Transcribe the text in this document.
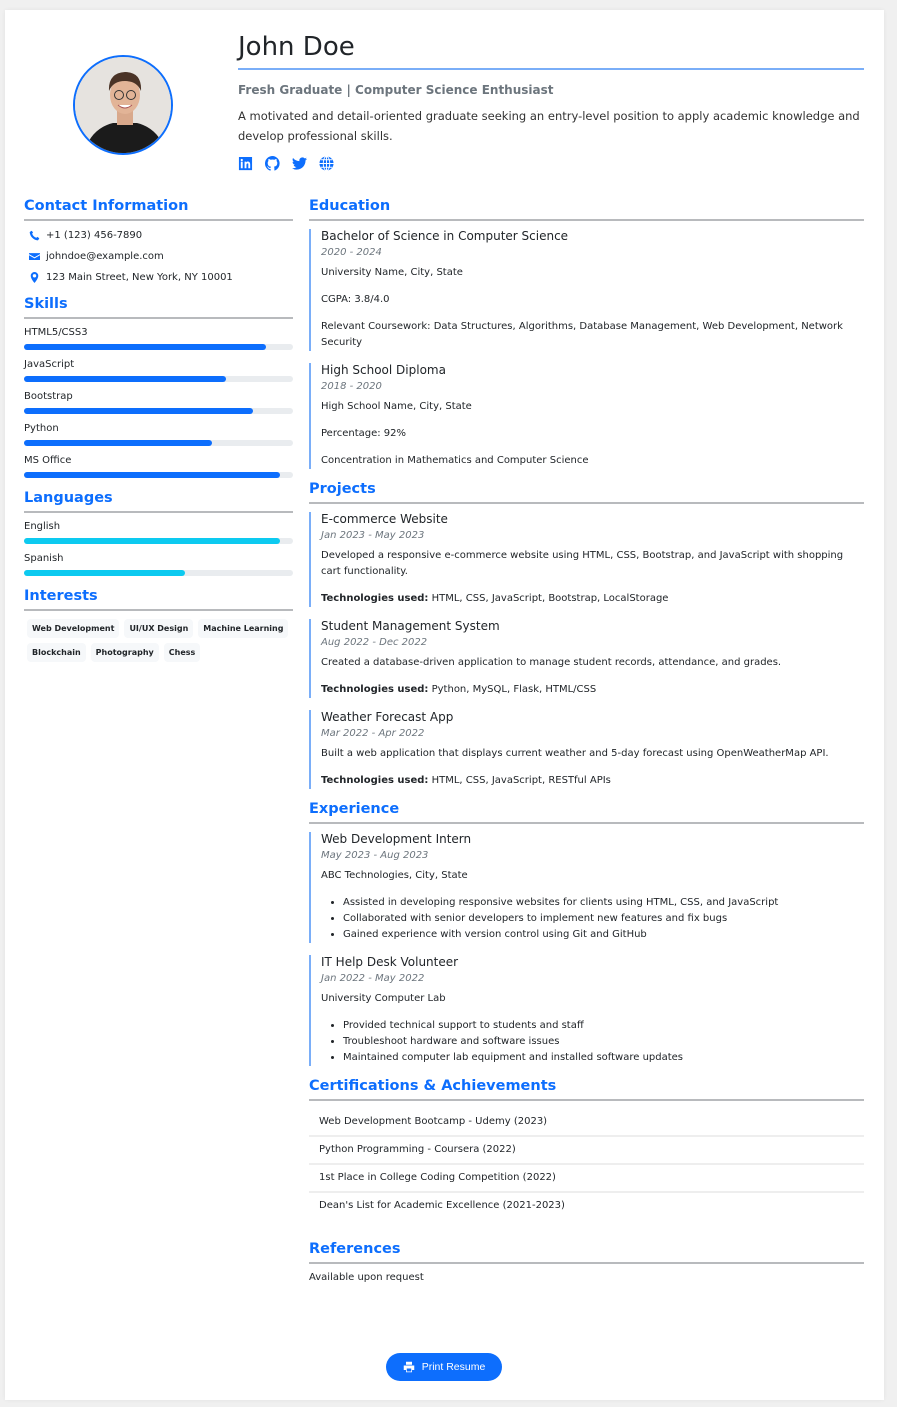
John Doe
Fresh Graduate | Computer Science Enthusiast
A motivated and detail-oriented graduate seeking an entry-level position to apply academic knowledge and develop professional skills.
Contact Information
+1 (123) 456-7890
johndoe@example.com
123 Main Street, New York, NY 10001
Skills
HTML5/CSS3
JavaScript
Bootstrap
Python
MS Office
Languages
English
Spanish
Interests
Web Development	UI/UX Design	Machine Learning
Blockchain	Photography	Chess
Education
Bachelor of Science in Computer Science
2020 - 2024

University Name, City, State

CGPA: 3.8/4.0

Relevant Coursework: Data Structures, Algorithms, Database Management, Web Development, Network Security

High School Diploma
2018 - 2020

High School Name, City, State

Percentage: 92%

Concentration in Mathematics and Computer Science

Projects
E-commerce Website
Jan 2023 - May 2023

Developed a responsive e-commerce website using HTML, CSS, Bootstrap, and JavaScript with shopping cart functionality.

Technologies used: HTML, CSS, JavaScript, Bootstrap, LocalStorage

Student Management System
Aug 2022 - Dec 2022

Created a database-driven application to manage student records, attendance, and grades.

Technologies used: Python, MySQL, Flask, HTML/CSS

Weather Forecast App
Mar 2022 - Apr 2022

Built a web application that displays current weather and 5-day forecast using OpenWeatherMap API.

Technologies used: HTML, CSS, JavaScript, RESTful APIs

Experience
Web Development Intern
May 2023 - Aug 2023

ABC Technologies, City, State

• Assisted in developing responsive websites for clients using HTML, CSS, and JavaScript
• Collaborated with senior developers to implement new features and fix bugs
• Gained experience with version control using Git and GitHub
IT Help Desk Volunteer
Jan 2022 - May 2022

University Computer Lab

• Provided technical support to students and staff
• Troubleshoot hardware and software issues
• Maintained computer lab equipment and installed software updates
Certifications & Achievements
Web Development Bootcamp - Udemy (2023)
Python Programming - Coursera (2022)
1st Place in College Coding Competition (2022)
Dean's List for Academic Excellence (2021-2023)
References
Available upon request
Print Resume
